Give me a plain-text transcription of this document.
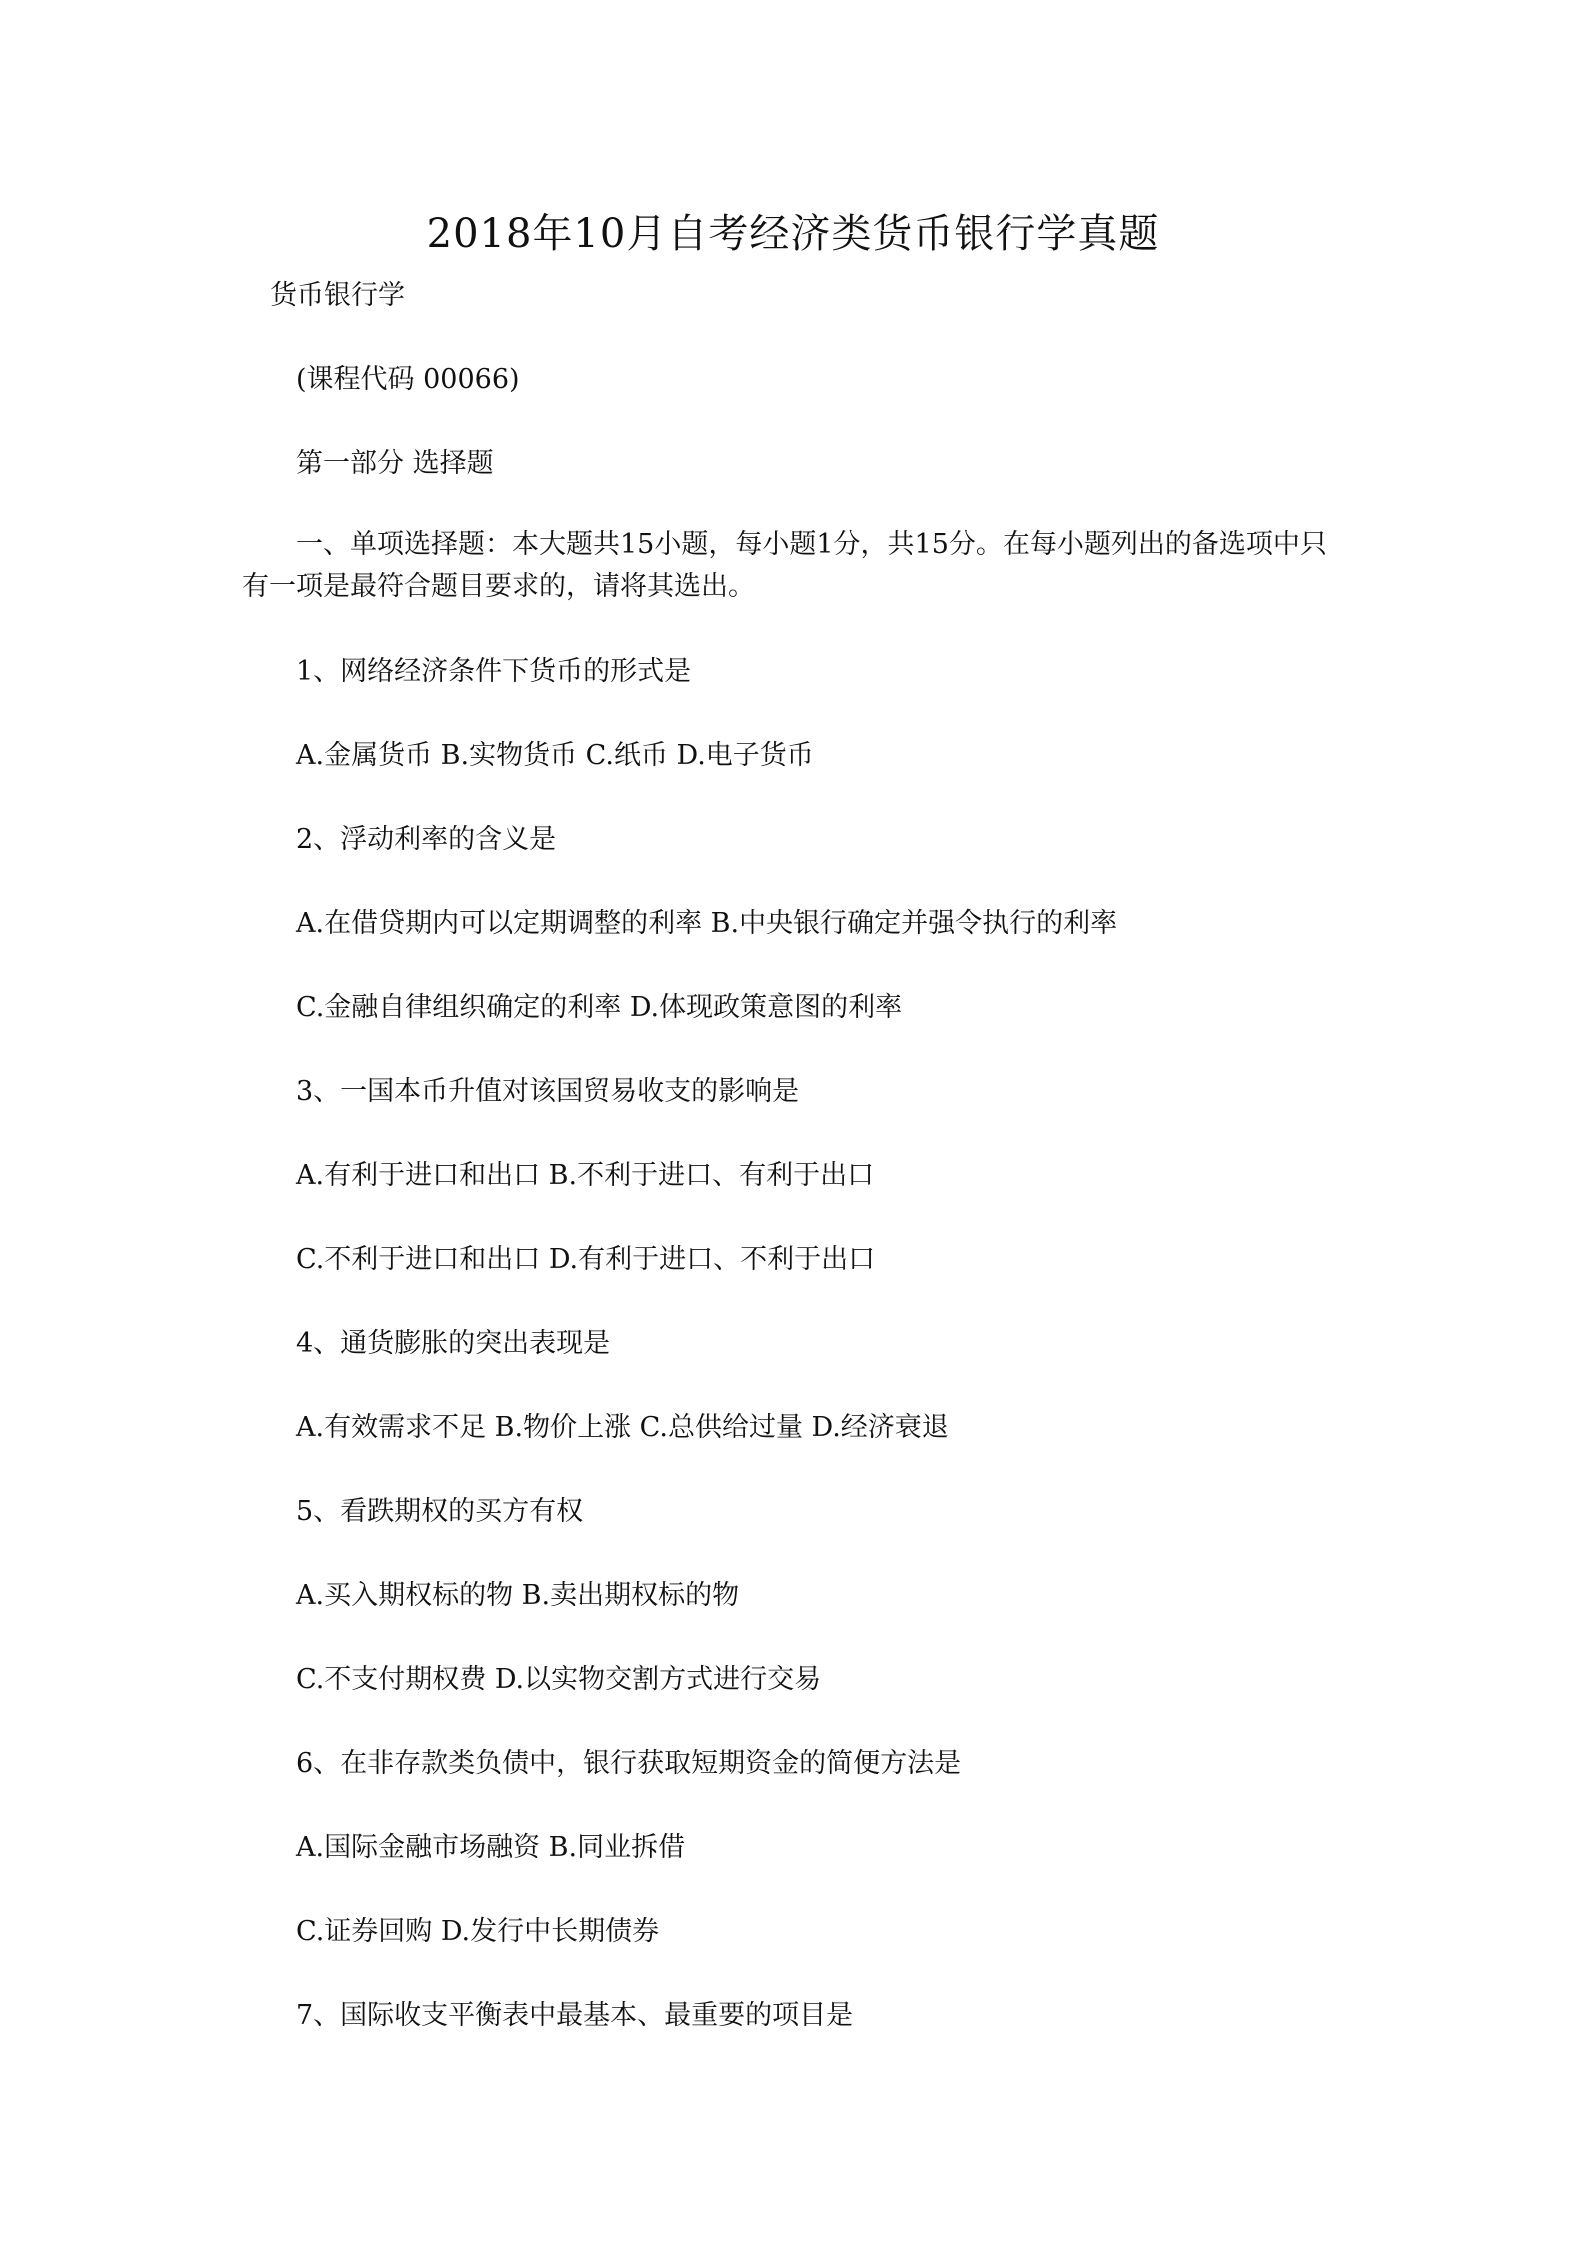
2018年10月自考经济类货币银行学真题
货币银行学
(课程代码 00066)
第一部分 选择题
一、单项选择题：本大题共15小题，每小题1分，共15分。在每小题列出的备选项中只有一项是最符合题目要求的，请将其选出。
1、网络经济条件下货币的形式是
A.金属货币 B.实物货币 C.纸币 D.电子货币
2、浮动利率的含义是
A.在借贷期内可以定期调整的利率 B.中央银行确定并强令执行的利率
C.金融自律组织确定的利率 D.体现政策意图的利率
3、一国本币升值对该国贸易收支的影响是
A.有利于进口和出口 B.不利于进口、有利于出口
C.不利于进口和出口 D.有利于进口、不利于出口
4、通货膨胀的突出表现是
A.有效需求不足 B.物价上涨 C.总供给过量 D.经济衰退
5、看跌期权的买方有权
A.买入期权标的物 B.卖出期权标的物
C.不支付期权费 D.以实物交割方式进行交易
6、在非存款类负债中，银行获取短期资金的简便方法是
A.国际金融市场融资 B.同业拆借
C.证券回购 D.发行中长期债券
7、国际收支平衡表中最基本、最重要的项目是
